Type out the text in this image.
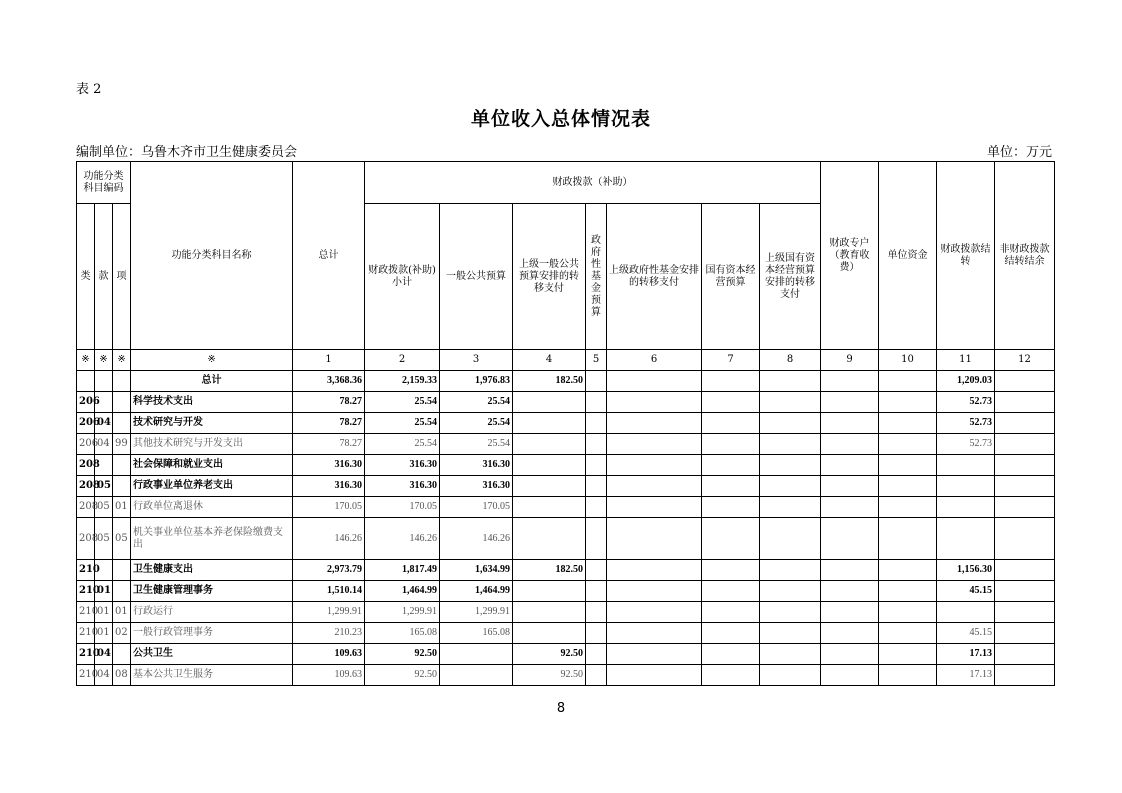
表 2
单位收入总体情况表
编制单位：乌鲁木齐市卫生健康委员会	单位：万元
功能分类科目编码			功能分类科目名称	总计	财政拨款（补助）							财政专户（教育收费）	单位资金	财政拨款结转	非财政拨款结转结余
类	款	项			财政拨款(补助)小计	一般公共预算	上级一般公共预算安排的转移支付	政府性基金预算	上级政府性基金安排的转移支付	国有资本经营预算	上级国有资本经营预算安排的转移支付				
※	※	※	※	1	2	3	4	5	6	7	8	9	10	11	12
			总计	3,368.36	2,159.33	1,976.83	182.50							1,209.03	
206			科学技术支出	78.27	25.54	25.54								52.73	
206	04		技术研究与开发	78.27	25.54	25.54								52.73	
206	04	99	其他技术研究与开发支出	78.27	25.54	25.54								52.73	
208			社会保障和就业支出	316.30	316.30	316.30									
208	05		行政事业单位养老支出	316.30	316.30	316.30									
208	05	01	行政单位离退休	170.05	170.05	170.05									
208	05	05	机关事业单位基本养老保险缴费支出	146.26	146.26	146.26									
210			卫生健康支出	2,973.79	1,817.49	1,634.99	182.50							1,156.30	
210	01		卫生健康管理事务	1,510.14	1,464.99	1,464.99								45.15	
210	01	01	行政运行	1,299.91	1,299.91	1,299.91									
210	01	02	一般行政管理事务	210.23	165.08	165.08								45.15	
210	04		公共卫生	109.63	92.50		92.50							17.13	
210	04	08	基本公共卫生服务	109.63	92.50		92.50							17.13	
8
